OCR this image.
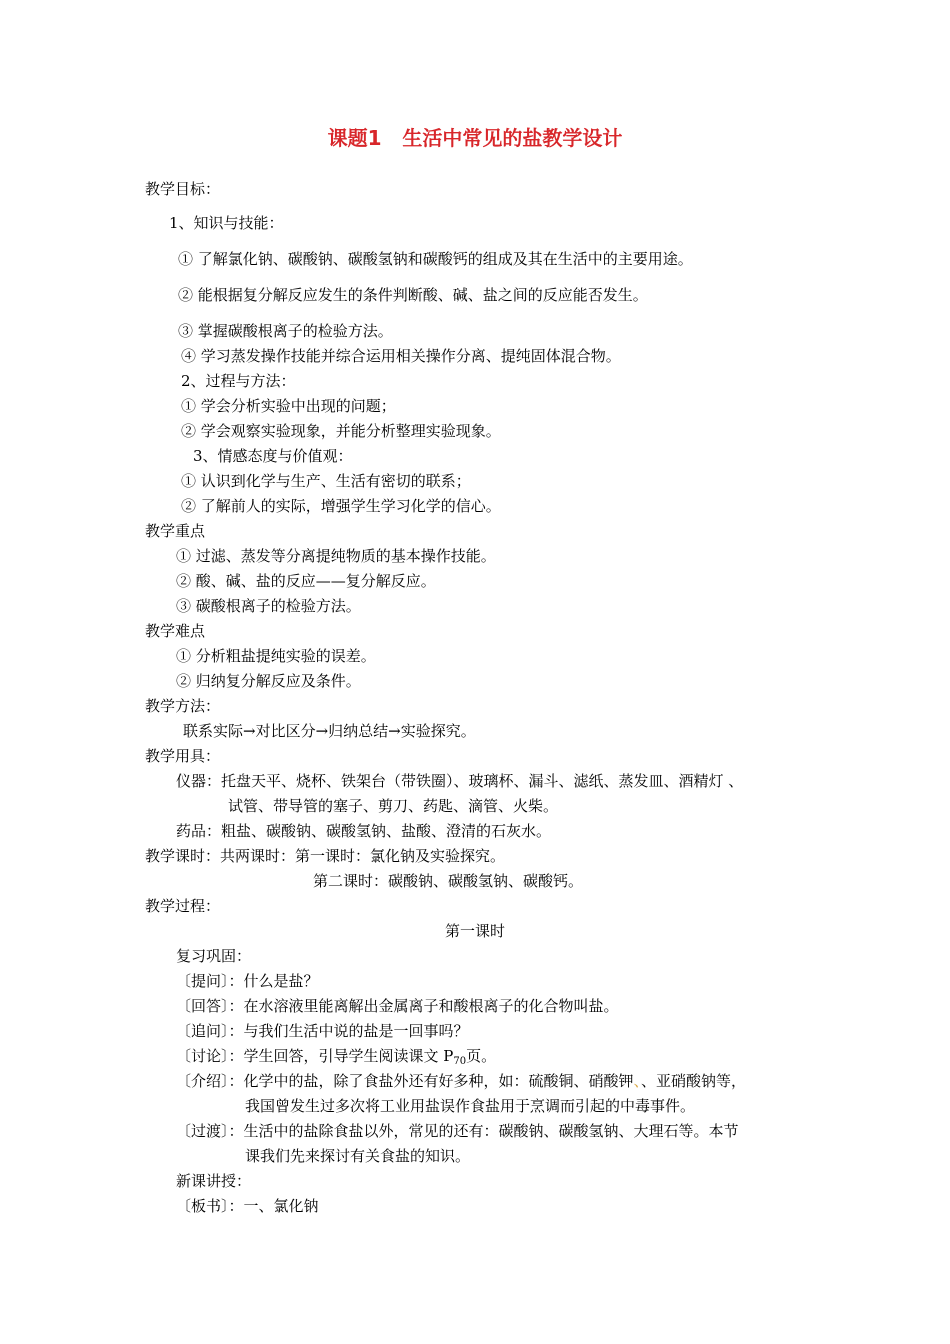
课题1 生活中常见的盐教学设计
教学目标：
1、知识与技能：
① 了解氯化钠、碳酸钠、碳酸氢钠和碳酸钙的组成及其在生活中的主要用途。
② 能根据复分解反应发生的条件判断酸、碱、盐之间的反应能否发生。
③ 掌握碳酸根离子的检验方法。
④ 学习蒸发操作技能并综合运用相关操作分离、提纯固体混合物。
2、过程与方法：
① 学会分析实验中出现的问题；
② 学会观察实验现象，并能分析整理实验现象。
3、情感态度与价值观：
① 认识到化学与生产、生活有密切的联系；
② 了解前人的实际，增强学生学习化学的信心。
教学重点
① 过滤、蒸发等分离提纯物质的基本操作技能。
② 酸、碱、盐的反应——复分解反应。
③ 碳酸根离子的检验方法。
教学难点
① 分析粗盐提纯实验的误差。
② 归纳复分解反应及条件。
教学方法：
联系实际→对比区分→归纳总结→实验探究。
教学用具：
仪器：托盘天平、烧杯、铁架台（带铁圈）、玻璃杯、漏斗、滤纸、蒸发皿、酒精灯 、
试管、带导管的塞子、剪刀、药匙、滴管、火柴。
药品：粗盐、碳酸钠、碳酸氢钠、盐酸、澄清的石灰水。
教学课时：共两课时：第一课时：氯化钠及实验探究。
第二课时：碳酸钠、碳酸氢钠、碳酸钙。
教学过程：
第一课时
复习巩固：
〔提问〕：什么是盐？
〔回答〕：在水溶液里能离解出金属离子和酸根离子的化合物叫盐。
〔追问〕：与我们生活中说的盐是一回事吗？
〔讨论〕：学生回答，引导学生阅读课文 $P_{70}$页。
〔介绍〕：化学中的盐，除了食盐外还有好多种，如：硫酸铜、硝酸钾、、亚硝酸钠等，
我国曾发生过多次将工业用盐误作食盐用于烹调而引起的中毒事件。
〔过渡〕：生活中的盐除食盐以外，常见的还有：碳酸钠、碳酸氢钠、大理石等。本节
课我们先来探讨有关食盐的知识。
新课讲授：
〔板书〕：一、氯化钠
